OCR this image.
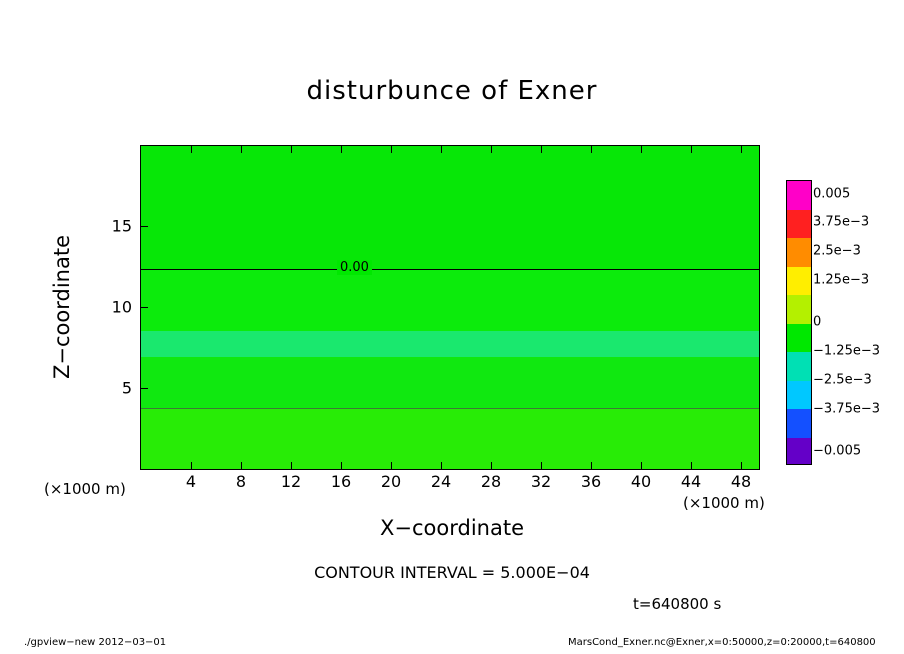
disturbunce of Exner
0.00
4 8 12 16 20 24 28 32 36 40 44 48
5
10
15
Z−coordinate
X−coordinate
(×1000 m)
(×1000 m)
CONTOUR INTERVAL = 5.000E−04
t=640800 s
./gpview−new 2012−03−01	MarsCond_Exner.nc@Exner,x=0:50000,z=0:20000,t=640800
0.005
3.75e−3
2.5e−3
1.25e−3
0
−1.25e−3
−2.5e−3
−3.75e−3
−0.005
